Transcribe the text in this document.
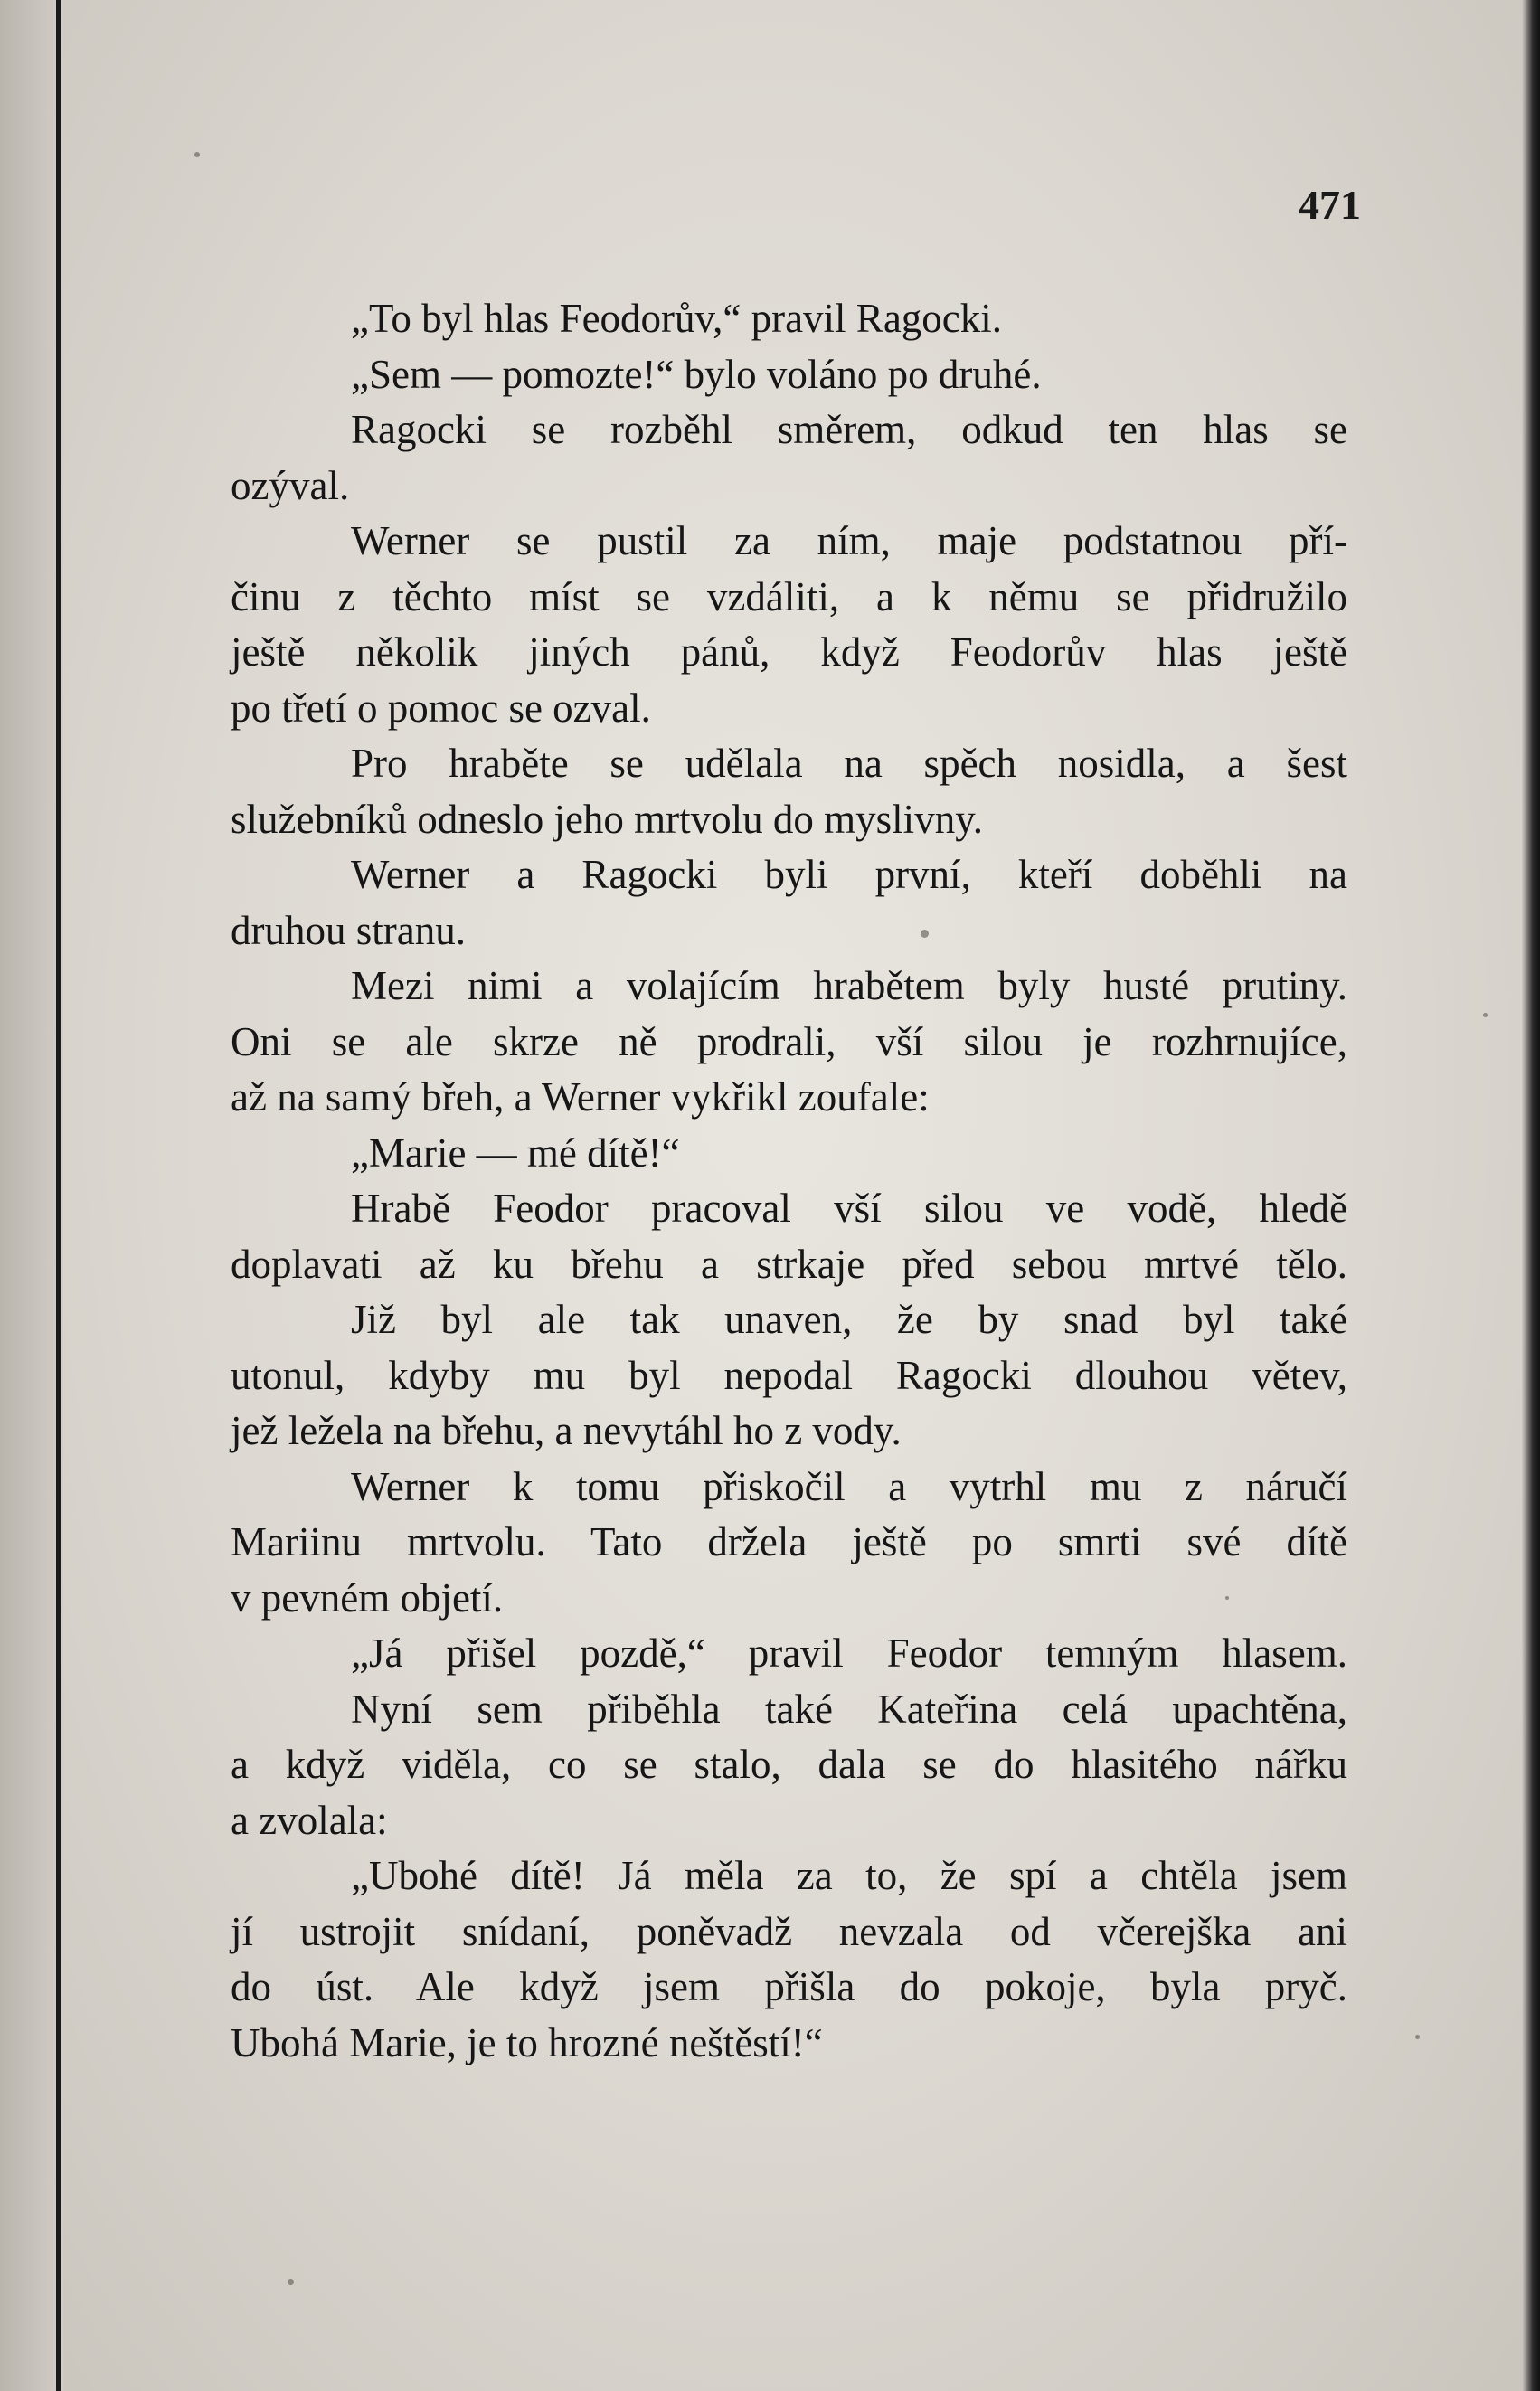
471
„To byl hlas Feodorův,“ pravil Ragocki.
„Sem — pomozte!“ bylo voláno po druhé.
Ragocki se rozběhl směrem, odkud ten hlas se
ozýval.
Werner se pustil za ním, maje podstatnou pří-
činu z těchto míst se vzdáliti, a k němu se přidružilo
ještě několik jiných pánů, když Feodorův hlas ještě
po třetí o pomoc se ozval.
Pro hraběte se udělala na spěch nosidla, a šest
služebníků odneslo jeho mrtvolu do myslivny.
Werner a Ragocki byli první, kteří doběhli na
druhou stranu.
Mezi nimi a volajícím hrabětem byly husté prutiny.
Oni se ale skrze ně prodrali, vší silou je rozhrnujíce,
až na samý břeh, a Werner vykřikl zoufale:
„Marie — mé dítě!“
Hrabě Feodor pracoval vší silou ve vodě, hledě
doplavati až ku břehu a strkaje před sebou mrtvé tělo.
Již byl ale tak unaven, že by snad byl také
utonul, kdyby mu byl nepodal Ragocki dlouhou větev,
jež ležela na břehu, a nevytáhl ho z vody.
Werner k tomu přiskočil a vytrhl mu z náručí
Mariinu mrtvolu. Tato držela ještě po smrti své dítě
v pevném objetí.
„Já přišel pozdě,“ pravil Feodor temným hlasem.
Nyní sem přiběhla také Kateřina celá upachtěna,
a když viděla, co se stalo, dala se do hlasitého nářku
a zvolala:
„Ubohé dítě! Já měla za to, že spí a chtěla jsem
jí ustrojit snídaní, poněvadž nevzala od včerejška ani
do úst. Ale když jsem přišla do pokoje, byla pryč.
Ubohá Marie, je to hrozné neštěstí!“
